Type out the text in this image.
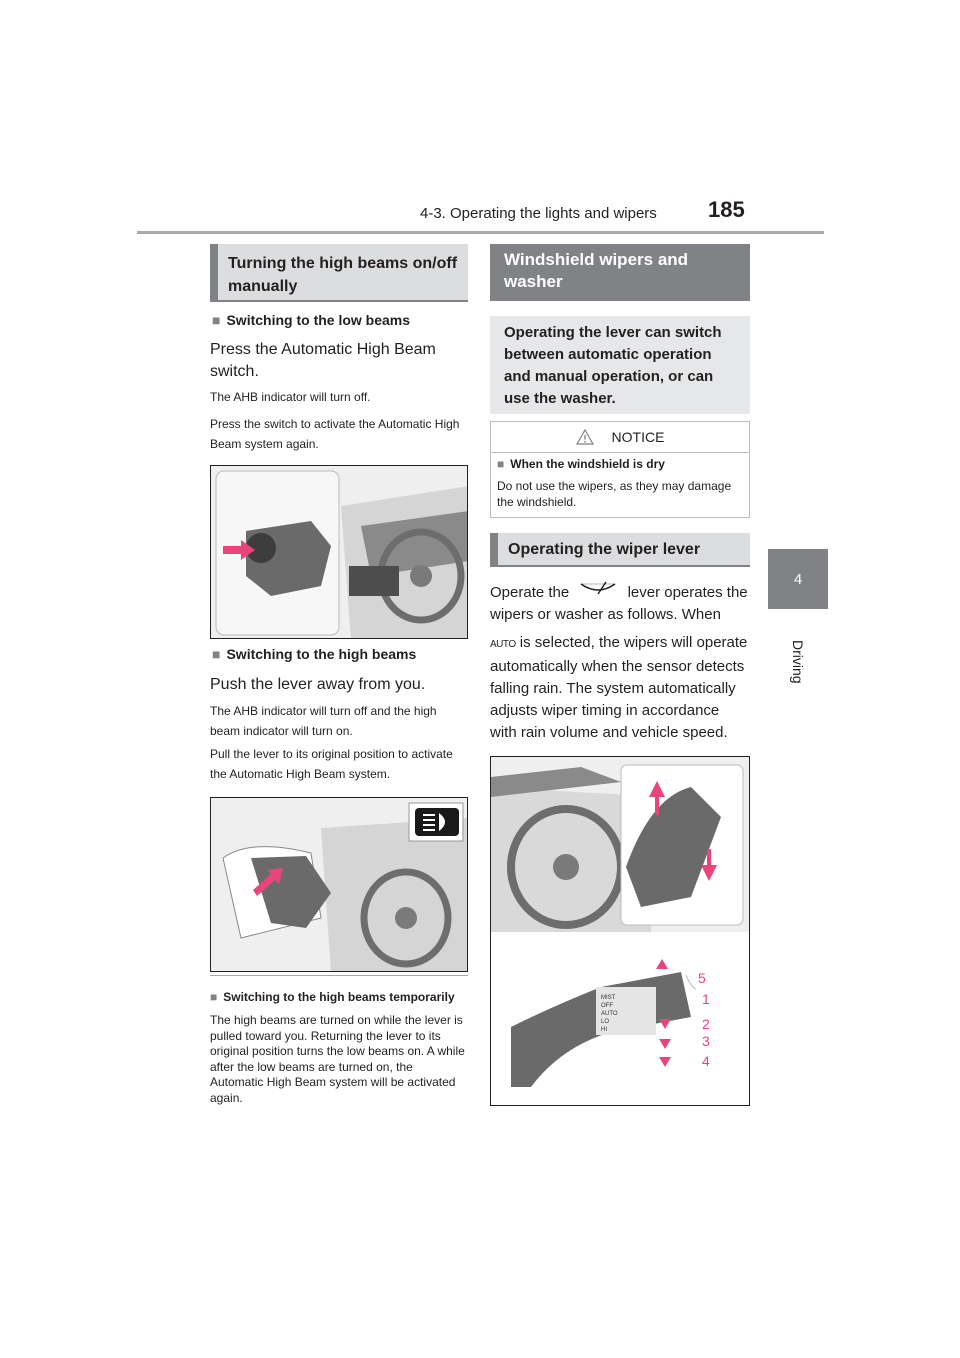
4-3. Operating the lights and wipers 185
4
Driving
Turning the high beams on/off manually
■ Switching to the low beams
Press the Automatic High Beam switch.
The AHB indicator will turn off.
Press the switch to activate the Automatic High Beam system again.
■ Switching to the high beams
Push the lever away from you.
The AHB indicator will turn off and the high beam indicator will turn on.
Pull the lever to its original position to activate the Automatic High Beam system.
■ Switching to the high beams temporarily
The high beams are turned on while the lever is pulled toward you. Returning the lever to its original position turns the low beams on. A while after the low beams are turned on, the Automatic High Beam system will be activated again.
Windshield wipers and washer
Operating the lever can switch between automatic operation and manual operation, or can use the washer.
NOTICE
■ When the windshield is dry
Do not use the wipers, as they may damage the windshield.
Operating the wiper lever
Operate the	lever operates the wipers or washer as follows. When
AUTO is selected, the wipers will operate automatically when the sensor detects falling rain. The system automatically adjusts wiper timing in accordance with rain volume and vehicle speed.
MIST OFF AUTO LO HI
5 1 2 3 4
